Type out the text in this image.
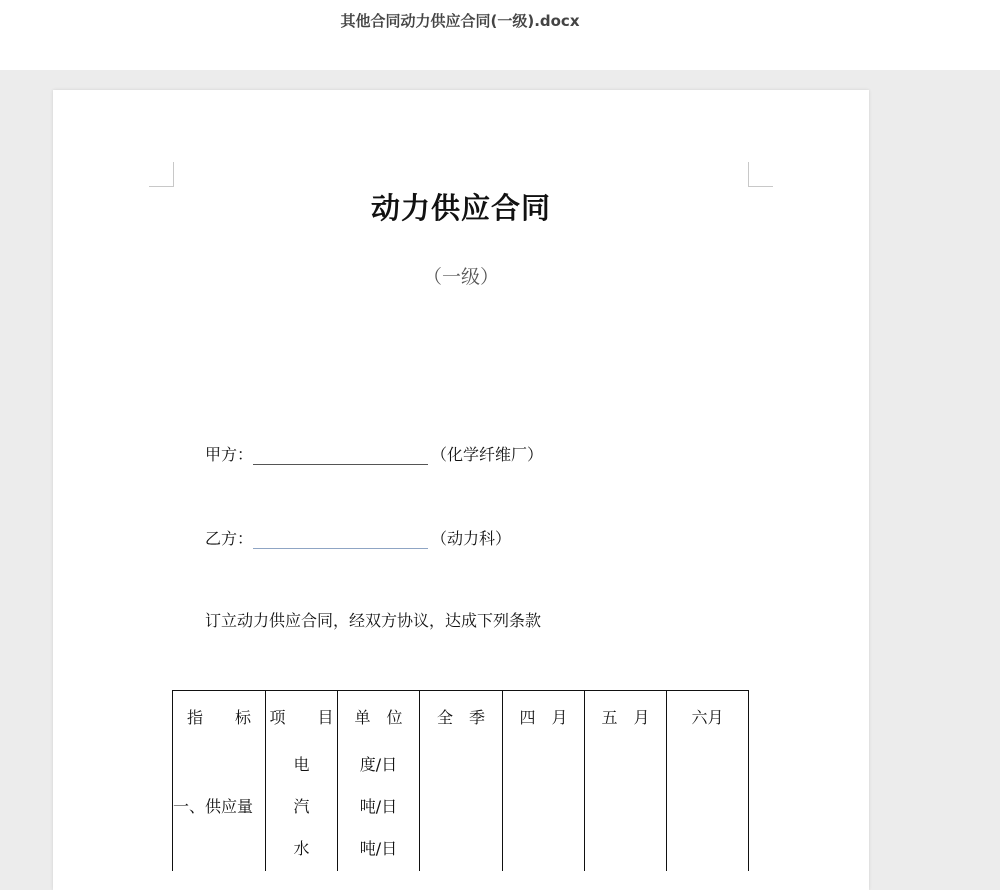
其他合同动力供应合同(一级).docx
动力供应合同
（一级）
甲方：	（化学纤维厂）
乙方：	（动力科）
订立动力供应合同，经双方协议，达成下列条款
指　　标	项　　目	单　位	全　季	四　月	五　月	六月
	电	度/日				
一、供应量	汽	吨/日				
	水	吨/日				
